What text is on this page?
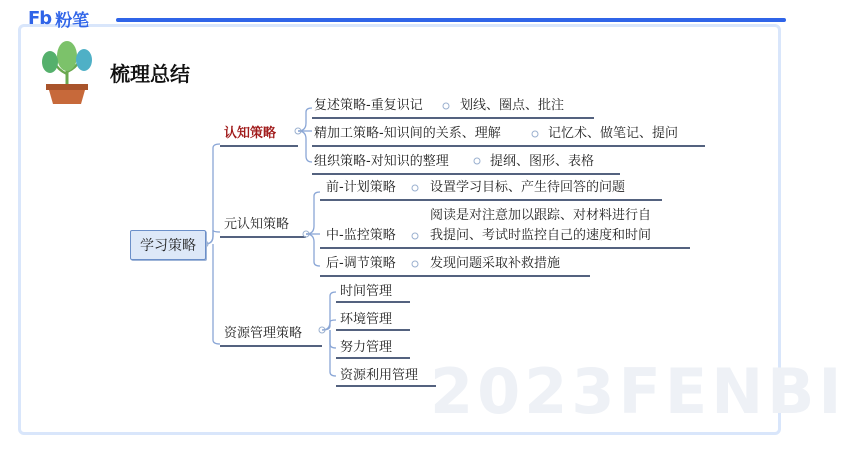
Fb 粉笔
梳理总结
2023FENBI
学习策略
认知策略
元认知策略
资源管理策略
复述策略-重复识记	划线、圈点、批注
精加工策略-知识间的关系、理解	记忆术、做笔记、提问
组织策略-对知识的整理	提纲、图形、表格
前-计划策略	设置学习目标、产生待回答的问题
中-监控策略
阅读是对注意加以跟踪、对材料进行自
我提问、考试时监控自己的速度和时间
后-调节策略	发现问题采取补救措施
时间管理
环境管理
努力管理
资源利用管理
